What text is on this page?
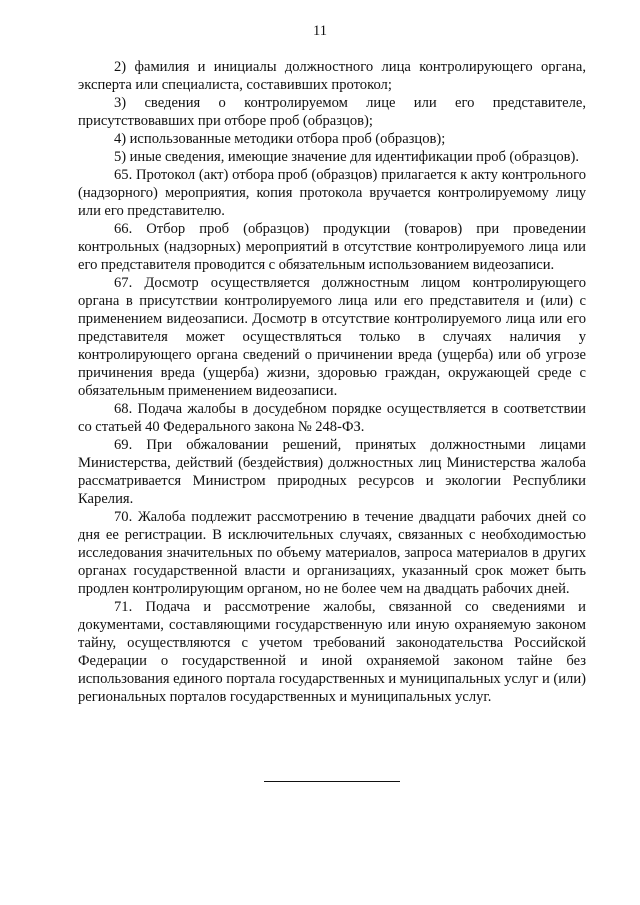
11

2) фамилия и инициалы должностного лица контролирующего органа, эксперта или специалиста, составивших протокол;

3) сведения о контролируемом лице или его представителе, присутствовавших при отборе проб (образцов);

4) использованные методики отбора проб (образцов);

5) иные сведения, имеющие значение для идентификации проб (образцов).

65. Протокол (акт) отбора проб (образцов) прилагается к акту контрольного (надзорного) мероприятия, копия протокола вручается контролируемому лицу или его представителю.

66. Отбор проб (образцов) продукции (товаров) при проведении контрольных (надзорных) мероприятий в отсутствие контролируемого лица или его представителя проводится с обязательным использованием видеозаписи.

67. Досмотр осуществляется должностным лицом контролирующего органа в присутствии контролируемого лица или его представителя и (или) с применением видеозаписи. Досмотр в отсутствие контролируемого лица или его представителя может осуществляться только в случаях наличия у контролирующего органа сведений о причинении вреда (ущерба) или об угрозе причинения вреда (ущерба) жизни, здоровью граждан, окружающей среде с обязательным применением видеозаписи.

68. Подача жалобы в досудебном порядке осуществляется в соответствии со статьей 40 Федерального закона № 248-ФЗ.

69. При обжаловании решений, принятых должностными лицами Министерства, действий (бездействия) должностных лиц Министерства жалоба рассматривается Министром природных ресурсов и экологии Республики Карелия.

70. Жалоба подлежит рассмотрению в течение двадцати рабочих дней со дня ее регистрации. В исключительных случаях, связанных с необходимостью исследования значительных по объему материалов, запроса материалов в других органах государственной власти и организациях, указанный срок может быть продлен контролирующим органом, но не более чем на двадцать рабочих дней.

71. Подача и рассмотрение жалобы, связанной со сведениями и документами, составляющими государственную или иную охраняемую законом тайну, осуществляются с учетом требований законодательства Российской Федерации о государственной и иной охраняемой законом тайне без использования единого портала государственных и муниципальных услуг и (или) региональных порталов государственных и муниципальных услуг.
